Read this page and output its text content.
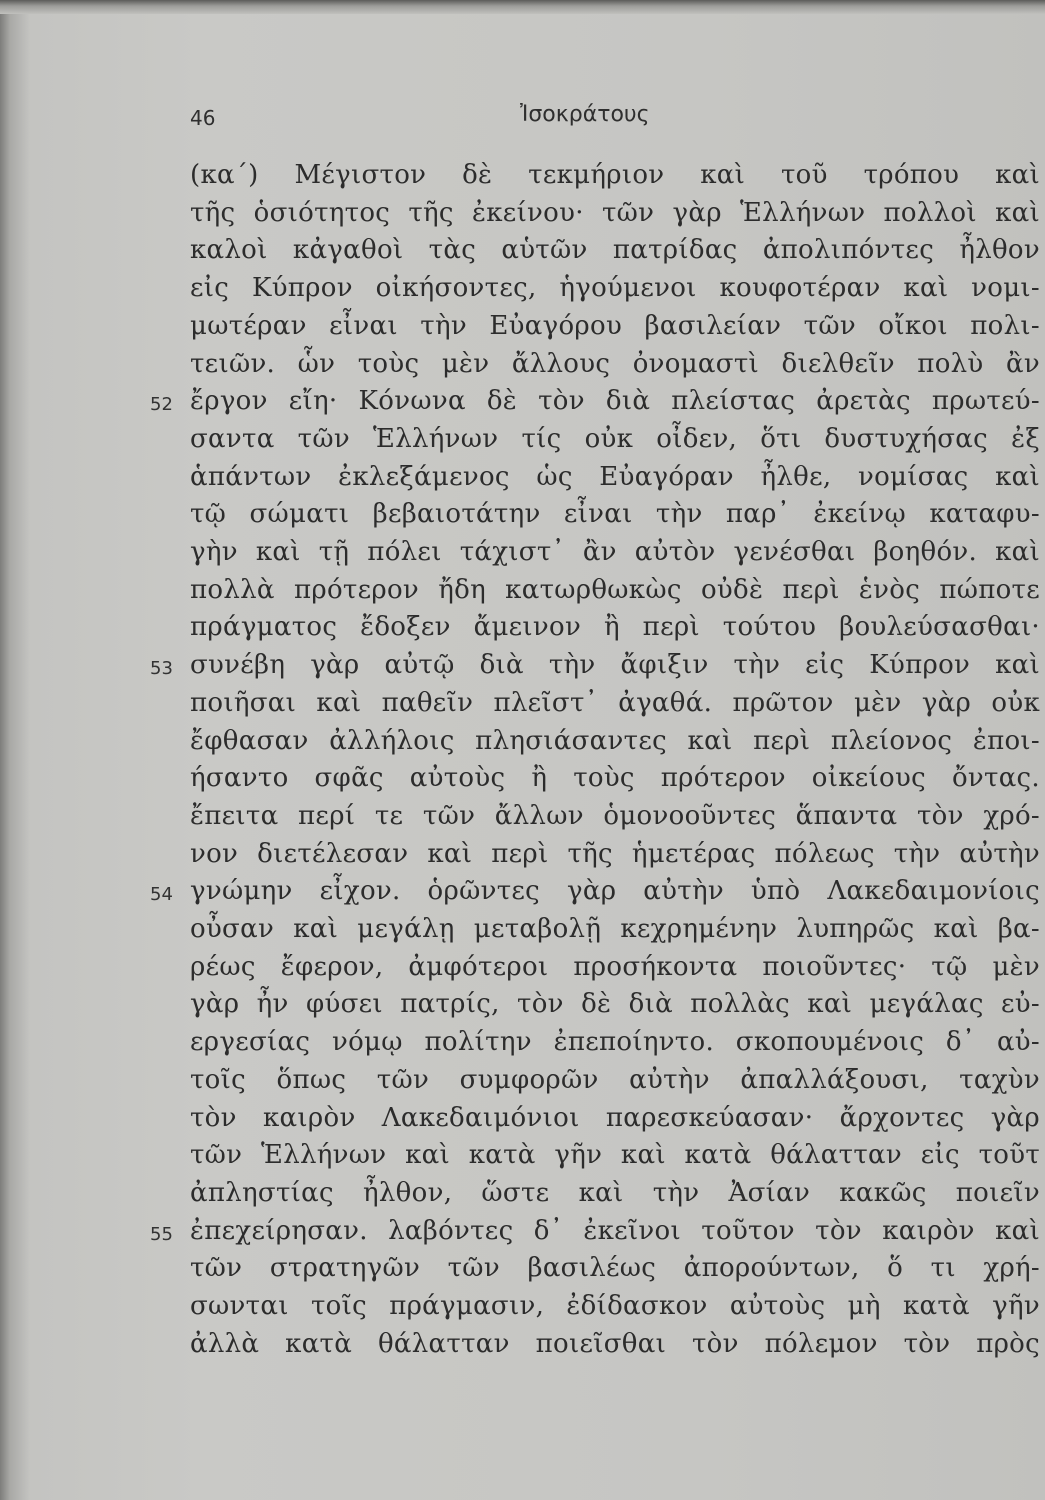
46	Ἰσοκράτους
52
53
54
55
(κα΄) Μέγιστον δὲ τεκμήριον καὶ τοῦ τρόπου καὶ
τῆς ὁσιότητος τῆς ἐκείνου· τῶν γὰρ Ἑλλήνων πολλοὶ καὶ
καλοὶ κἀγαθοὶ τὰς αὑτῶν πατρίδας ἀπολιπόντες ἦλθον
εἰς Κύπρον οἰκήσοντες, ἡγούμενοι κουφοτέραν καὶ νομι-
μωτέραν εἶναι τὴν Εὐαγόρου βασιλείαν τῶν οἴκοι πολι-
τειῶν. ὧν τοὺς μὲν ἄλλους ὀνομαστὶ διελθεῖν πολὺ ἂν
ἔργον εἴη· Κόνωνα δὲ τὸν διὰ πλείστας ἀρετὰς πρωτεύ-
σαντα τῶν Ἑλλήνων τίς οὐκ οἶδεν, ὅτι δυστυχήσας ἐξ
ἁπάντων ἐκλεξάμενος ὡς Εὐαγόραν ἦλθε, νομίσας καὶ
τῷ σώματι βεβαιοτάτην εἶναι τὴν παρ᾽ ἐκείνῳ καταφυ-
γὴν καὶ τῇ πόλει τάχιστ᾽ ἂν αὐτὸν γενέσθαι βοηθόν. καὶ
πολλὰ πρότερον ἤδη κατωρθωκὼς οὐδὲ περὶ ἑνὸς πώποτε
πράγματος ἔδοξεν ἄμεινον ἢ περὶ τούτου βουλεύσασθαι·
συνέβη γὰρ αὐτῷ διὰ τὴν ἄφιξιν τὴν εἰς Κύπρον καὶ
ποιῆσαι καὶ παθεῖν πλεῖστ᾽ ἀγαθά. πρῶτον μὲν γὰρ οὐκ
ἔφθασαν ἀλλήλοις πλησιάσαντες καὶ περὶ πλείονος ἐποι-
ήσαντο σφᾶς αὐτοὺς ἢ τοὺς πρότερον οἰκείους ὄντας.
ἔπειτα περί τε τῶν ἄλλων ὁμονοοῦντες ἅπαντα τὸν χρό-
νον διετέλεσαν καὶ περὶ τῆς ἡμετέρας πόλεως τὴν αὐτὴν
γνώμην εἶχον. ὁρῶντες γὰρ αὐτὴν ὑπὸ Λακεδαιμονίοις
οὖσαν καὶ μεγάλῃ μεταβολῇ κεχρημένην λυπηρῶς καὶ βα-
ρέως ἔφερον, ἀμφότεροι προσήκοντα ποιοῦντες· τῷ μὲν
γὰρ ἦν φύσει πατρίς, τὸν δὲ διὰ πολλὰς καὶ μεγάλας εὐ-
εργεσίας νόμῳ πολίτην ἐπεποίηντο. σκοπουμένοις δ᾽ αὐ-
τοῖς ὅπως τῶν συμφορῶν αὐτὴν ἀπαλλάξουσι, ταχὺν
τὸν καιρὸν Λακεδαιμόνιοι παρεσκεύασαν· ἄρχοντες γὰρ
τῶν Ἑλλήνων καὶ κατὰ γῆν καὶ κατὰ θάλατταν εἰς τοῦτ
ἀπληστίας ἦλθον, ὥστε καὶ τὴν Ἀσίαν κακῶς ποιεῖν
ἐπεχείρησαν. λαβόντες δ᾽ ἐκεῖνοι τοῦτον τὸν καιρὸν καὶ
τῶν στρατηγῶν τῶν βασιλέως ἀπορούντων, ὅ τι χρή-
σωνται τοῖς πράγμασιν, ἐδίδασκον αὐτοὺς μὴ κατὰ γῆν
ἀλλὰ κατὰ θάλατταν ποιεῖσθαι τὸν πόλεμον τὸν πρὸς
